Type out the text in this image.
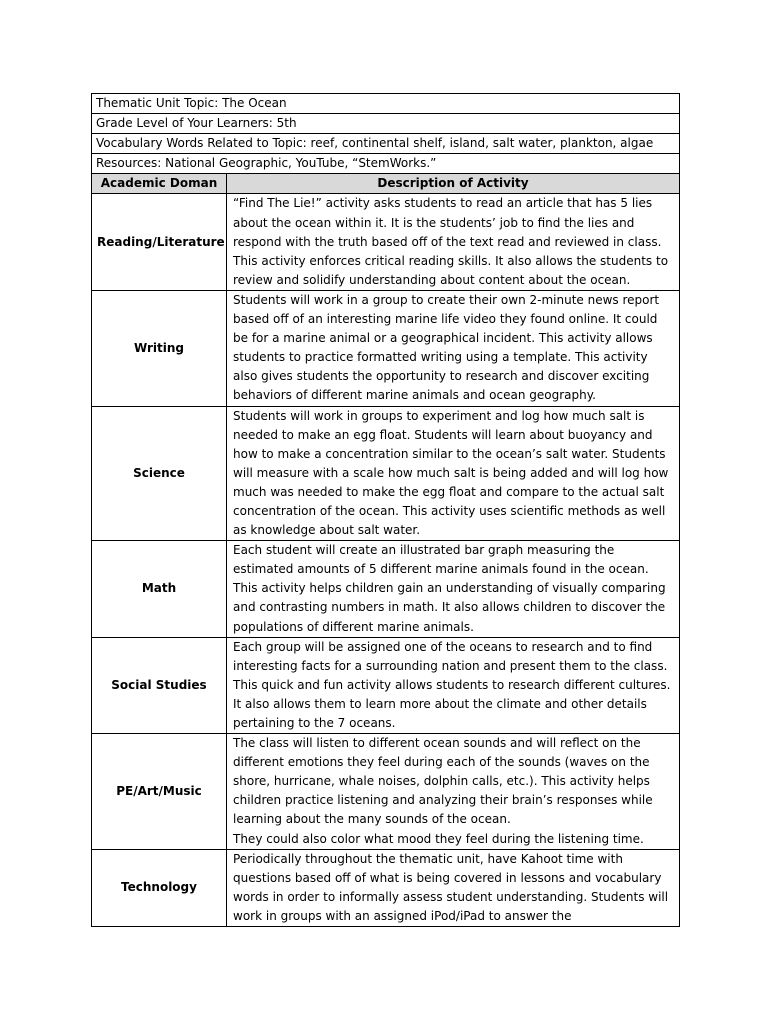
Thematic Unit Topic: The Ocean	
Grade Level of Your Learners: 5th	
Vocabulary Words Related to Topic: reef, continental shelf, island, salt water, plankton, algae	
Resources: National Geographic, YouTube, “StemWorks.”	
Academic Doman	Description of Activity
Reading/Literature	“Find The Lie!” activity asks students to read an article that has 5 lies about the ocean within it. It is the students’ job to find the lies and respond with the truth based off of the text read and reviewed in class. This activity enforces critical reading skills. It also allows the students to review and solidify understanding about content about the ocean.
Writing	Students will work in a group to create their own 2-minute news report based off of an interesting marine life video they found online. It could be for a marine animal or a geographical incident. This activity allows students to practice formatted writing using a template. This activity also gives students the opportunity to research and discover exciting behaviors of different marine animals and ocean geography.
Science	Students will work in groups to experiment and log how much salt is needed to make an egg float. Students will learn about buoyancy and how to make a concentration similar to the ocean’s salt water. Students will measure with a scale how much salt is being added and will log how much was needed to make the egg float and compare to the actual salt concentration of the ocean. This activity uses scientific methods as well as knowledge about salt water.
Math	Each student will create an illustrated bar graph measuring the estimated amounts of 5 different marine animals found in the ocean. This activity helps children gain an understanding of visually comparing and contrasting numbers in math. It also allows children to discover the populations of different marine animals.
Social Studies	Each group will be assigned one of the oceans to research and to find interesting facts for a surrounding nation and present them to the class. This quick and fun activity allows students to research different cultures. It also allows them to learn more about the climate and other details pertaining to the 7 oceans.
PE/Art/Music	The class will listen to different ocean sounds and will reflect on the different emotions they feel during each of the sounds (waves on the shore, hurricane, whale noises, dolphin calls, etc.). This activity helps children practice listening and analyzing their brain’s responses while learning about the many sounds of the ocean.
They could also color what mood they feel during the listening time.

Technology	Periodically throughout the thematic unit, have Kahoot time with questions based off of what is being covered in lessons and vocabulary words in order to informally assess student understanding. Students will work in groups with an assigned iPod/iPad to answer the
